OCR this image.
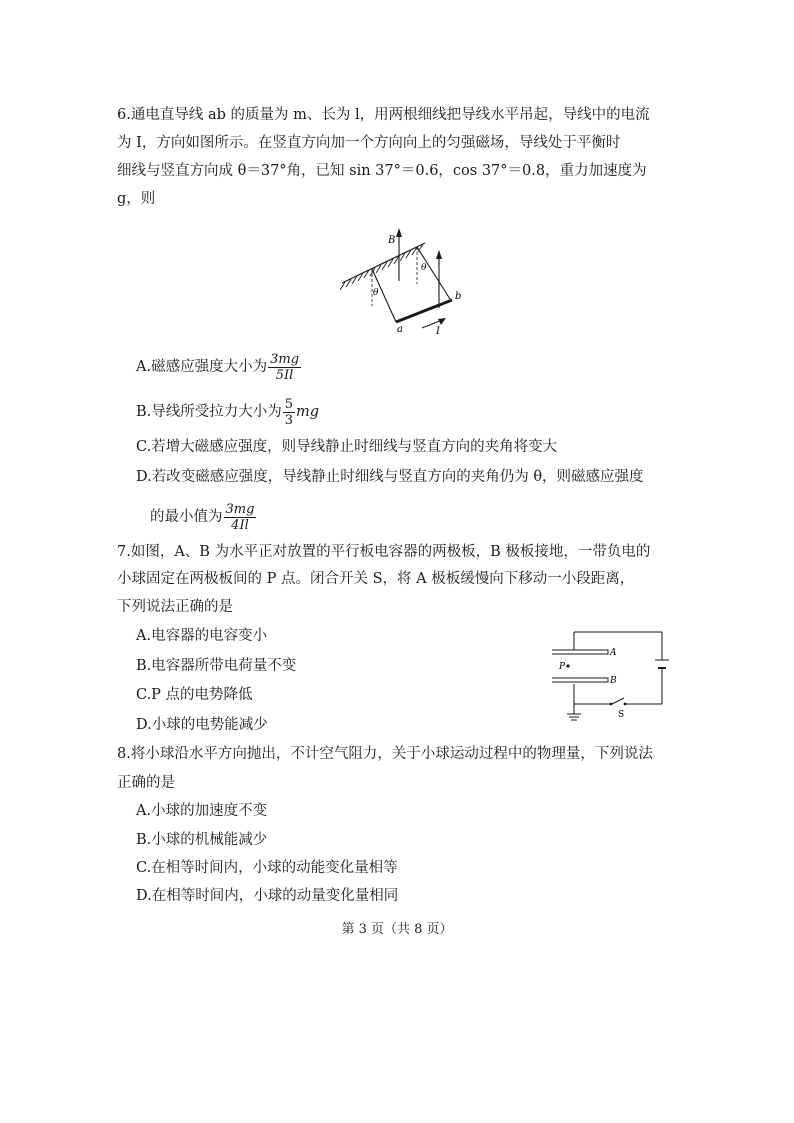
6.通电直导线 ab 的质量为 m、长为 l，用两根细线把导线水平吊起，导线中的电流
为 I，方向如图所示。在竖直方向加一个方向向上的匀强磁场，导线处于平衡时
细线与竖直方向成 θ＝37°角，已知 sin 37°＝0.6，cos 37°＝0.8，重力加速度为
g，则
B
θ
θ
a
b
I
A.磁感应强度大小为 $\frac{3mg}{5Il}$
B.导线所受拉力大小为 $\frac{5}{3}$ mg
C.若增大磁感应强度，则导线静止时细线与竖直方向的夹角将变大
D.若改变磁感应强度，导线静止时细线与竖直方向的夹角仍为 θ，则磁感应强度
的最小值为 $\frac{3mg}{4Il}$
7.如图，A、B 为水平正对放置的平行板电容器的两极板，B 极板接地，一带负电的
小球固定在两极板间的 P 点。闭合开关 S，将 A 极板缓慢向下移动一小段距离，
下列说法正确的是
A.电容器的电容变小
B.电容器所带电荷量不变
C.P 点的电势降低
D.小球的电势能减少
A
B
P
S
8.将小球沿水平方向抛出，不计空气阻力，关于小球运动过程中的物理量，下列说法
正确的是
A.小球的加速度不变
B.小球的机械能减少
C.在相等时间内，小球的动能变化量相等
D.在相等时间内，小球的动量变化量相同
第 3 页（共 8 页）
